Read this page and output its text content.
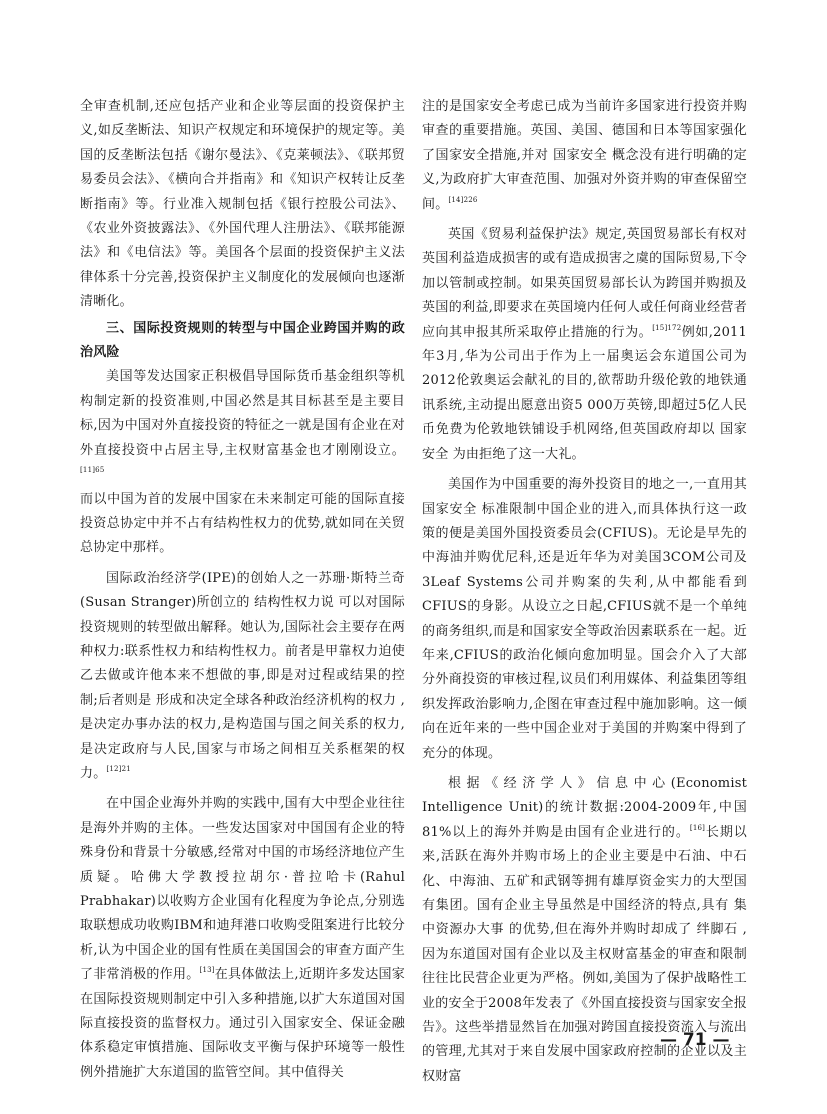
全审查机制,还应包括产业和企业等层面的投资保护主义,如反垄断法、知识产权规定和环境保护的规定等。美国的反垄断法包括《谢尔曼法》、《克莱顿法》、《联邦贸易委员会法》、《横向合并指南》和《知识产权转让反垄断指南》等。行业准入规制包括《银行控股公司法》、《农业外资披露法》、《外国代理人注册法》、《联邦能源法》和《电信法》等。美国各个层面的投资保护主义法律体系十分完善,投资保护主义制度化的发展倾向也逐渐清晰化。

三、国际投资规则的转型与中国企业跨国并购的政治风险

美国等发达国家正积极倡导国际货币基金组织等机构制定新的投资准则,中国必然是其目标甚至是主要目标,因为中国对外直接投资的特征之一就是国有企业在对外直接投资中占居主导,主权财富基金也才刚刚设立。$^{[11]65}$

而以中国为首的发展中国家在未来制定可能的国际直接投资总协定中并不占有结构性权力的优势,就如同在关贸总协定中那样。

国际政治经济学(IPE)的创始人之一苏珊·斯特兰奇(Susan Stranger)所创立的 结构性权力说 可以对国际投资规则的转型做出解释。她认为,国际社会主要存在两种权力:联系性权力和结构性权力。前者是甲靠权力迫使乙去做或许他本来不想做的事,即是对过程或结果的控制;后者则是 形成和决定全球各种政治经济机构的权力 ,是决定办事办法的权力,是构造国与国之间关系的权力,是决定政府与人民,国家与市场之间相互关系框架的权力。$^{[12]21}$

在中国企业海外并购的实践中,国有大中型企业往往是海外并购的主体。一些发达国家对中国国有企业的特殊身份和背景十分敏感,经常对中国的市场经济地位产生质疑。哈佛大学教授拉胡尔·普拉哈卡(Rahul Prabhakar)以收购方企业国有化程度为争论点,分别选取联想成功收购IBM和迪拜港口收购受阻案进行比较分析,认为中国企业的国有性质在美国国会的审查方面产生了非常消极的作用。[13]在具体做法上,近期许多发达国家在国际投资规则制定中引入多种措施,以扩大东道国对国际直接投资的监督权力。通过引入国家安全、保证金融体系稳定审慎措施、国际收支平衡与保护环境等一般性例外措施扩大东道国的监管空间。其中值得关

注的是国家安全考虑已成为当前许多国家进行投资并购审查的重要措施。英国、美国、德国和日本等国家强化了国家安全措施,并对 国家安全 概念没有进行明确的定义,为政府扩大审查范围、加强对外资并购的审查保留空间。$^{[14]226}$

英国《贸易利益保护法》规定,英国贸易部长有权对英国利益造成损害的或有造成损害之虞的国际贸易,下令加以管制或控制。如果英国贸易部长认为跨国并购损及英国的利益,即要求在英国境内任何人或任何商业经营者应向其申报其所采取停止措施的行为。$^{[15]172}$例如,2011年3月,华为公司出于作为上一届奥运会东道国公司为2012伦敦奥运会献礼的目的,欲帮助升级伦敦的地铁通讯系统,主动提出愿意出资5 000万英镑,即超过5亿人民币免费为伦敦地铁铺设手机网络,但英国政府却以 国家安全 为由拒绝了这一大礼。

美国作为中国重要的海外投资目的地之一,一直用其 国家安全 标准限制中国企业的进入,而具体执行这一政策的便是美国外国投资委员会(CFIUS)。无论是早先的中海油并购优尼科,还是近年华为对美国3COM公司及3Leaf Systems公司并购案的失利,从中都能看到CFIUS的身影。从设立之日起,CFIUS就不是一个单纯的商务组织,而是和国家安全等政治因素联系在一起。近年来,CFIUS的政治化倾向愈加明显。国会介入了大部分外商投资的审核过程,议员们利用媒体、利益集团等组织发挥政治影响力,企图在审查过程中施加影响。这一倾向在近年来的一些中国企业对于美国的并购案中得到了充分的体现。

根据《经济学人》信息中心(Economist Intelligence Unit)的统计数据:2004-2009年,中国81%以上的海外并购是由国有企业进行的。[16]长期以来,活跃在海外并购市场上的企业主要是中石油、中石化、中海油、五矿和武钢等拥有雄厚资金实力的大型国有集团。国有企业主导虽然是中国经济的特点,具有 集中资源办大事 的优势,但在海外并购时却成了 绊脚石 ,因为东道国对国有企业以及主权财富基金的审查和限制往往比民营企业更为严格。例如,美国为了保护战略性工业的安全于2008年发表了《外国直接投资与国家安全报告》。这些举措显然旨在加强对跨国直接投资流入与流出的管理,尤其对于来自发展中国家政府控制的企业以及主权财富

— 71 —
